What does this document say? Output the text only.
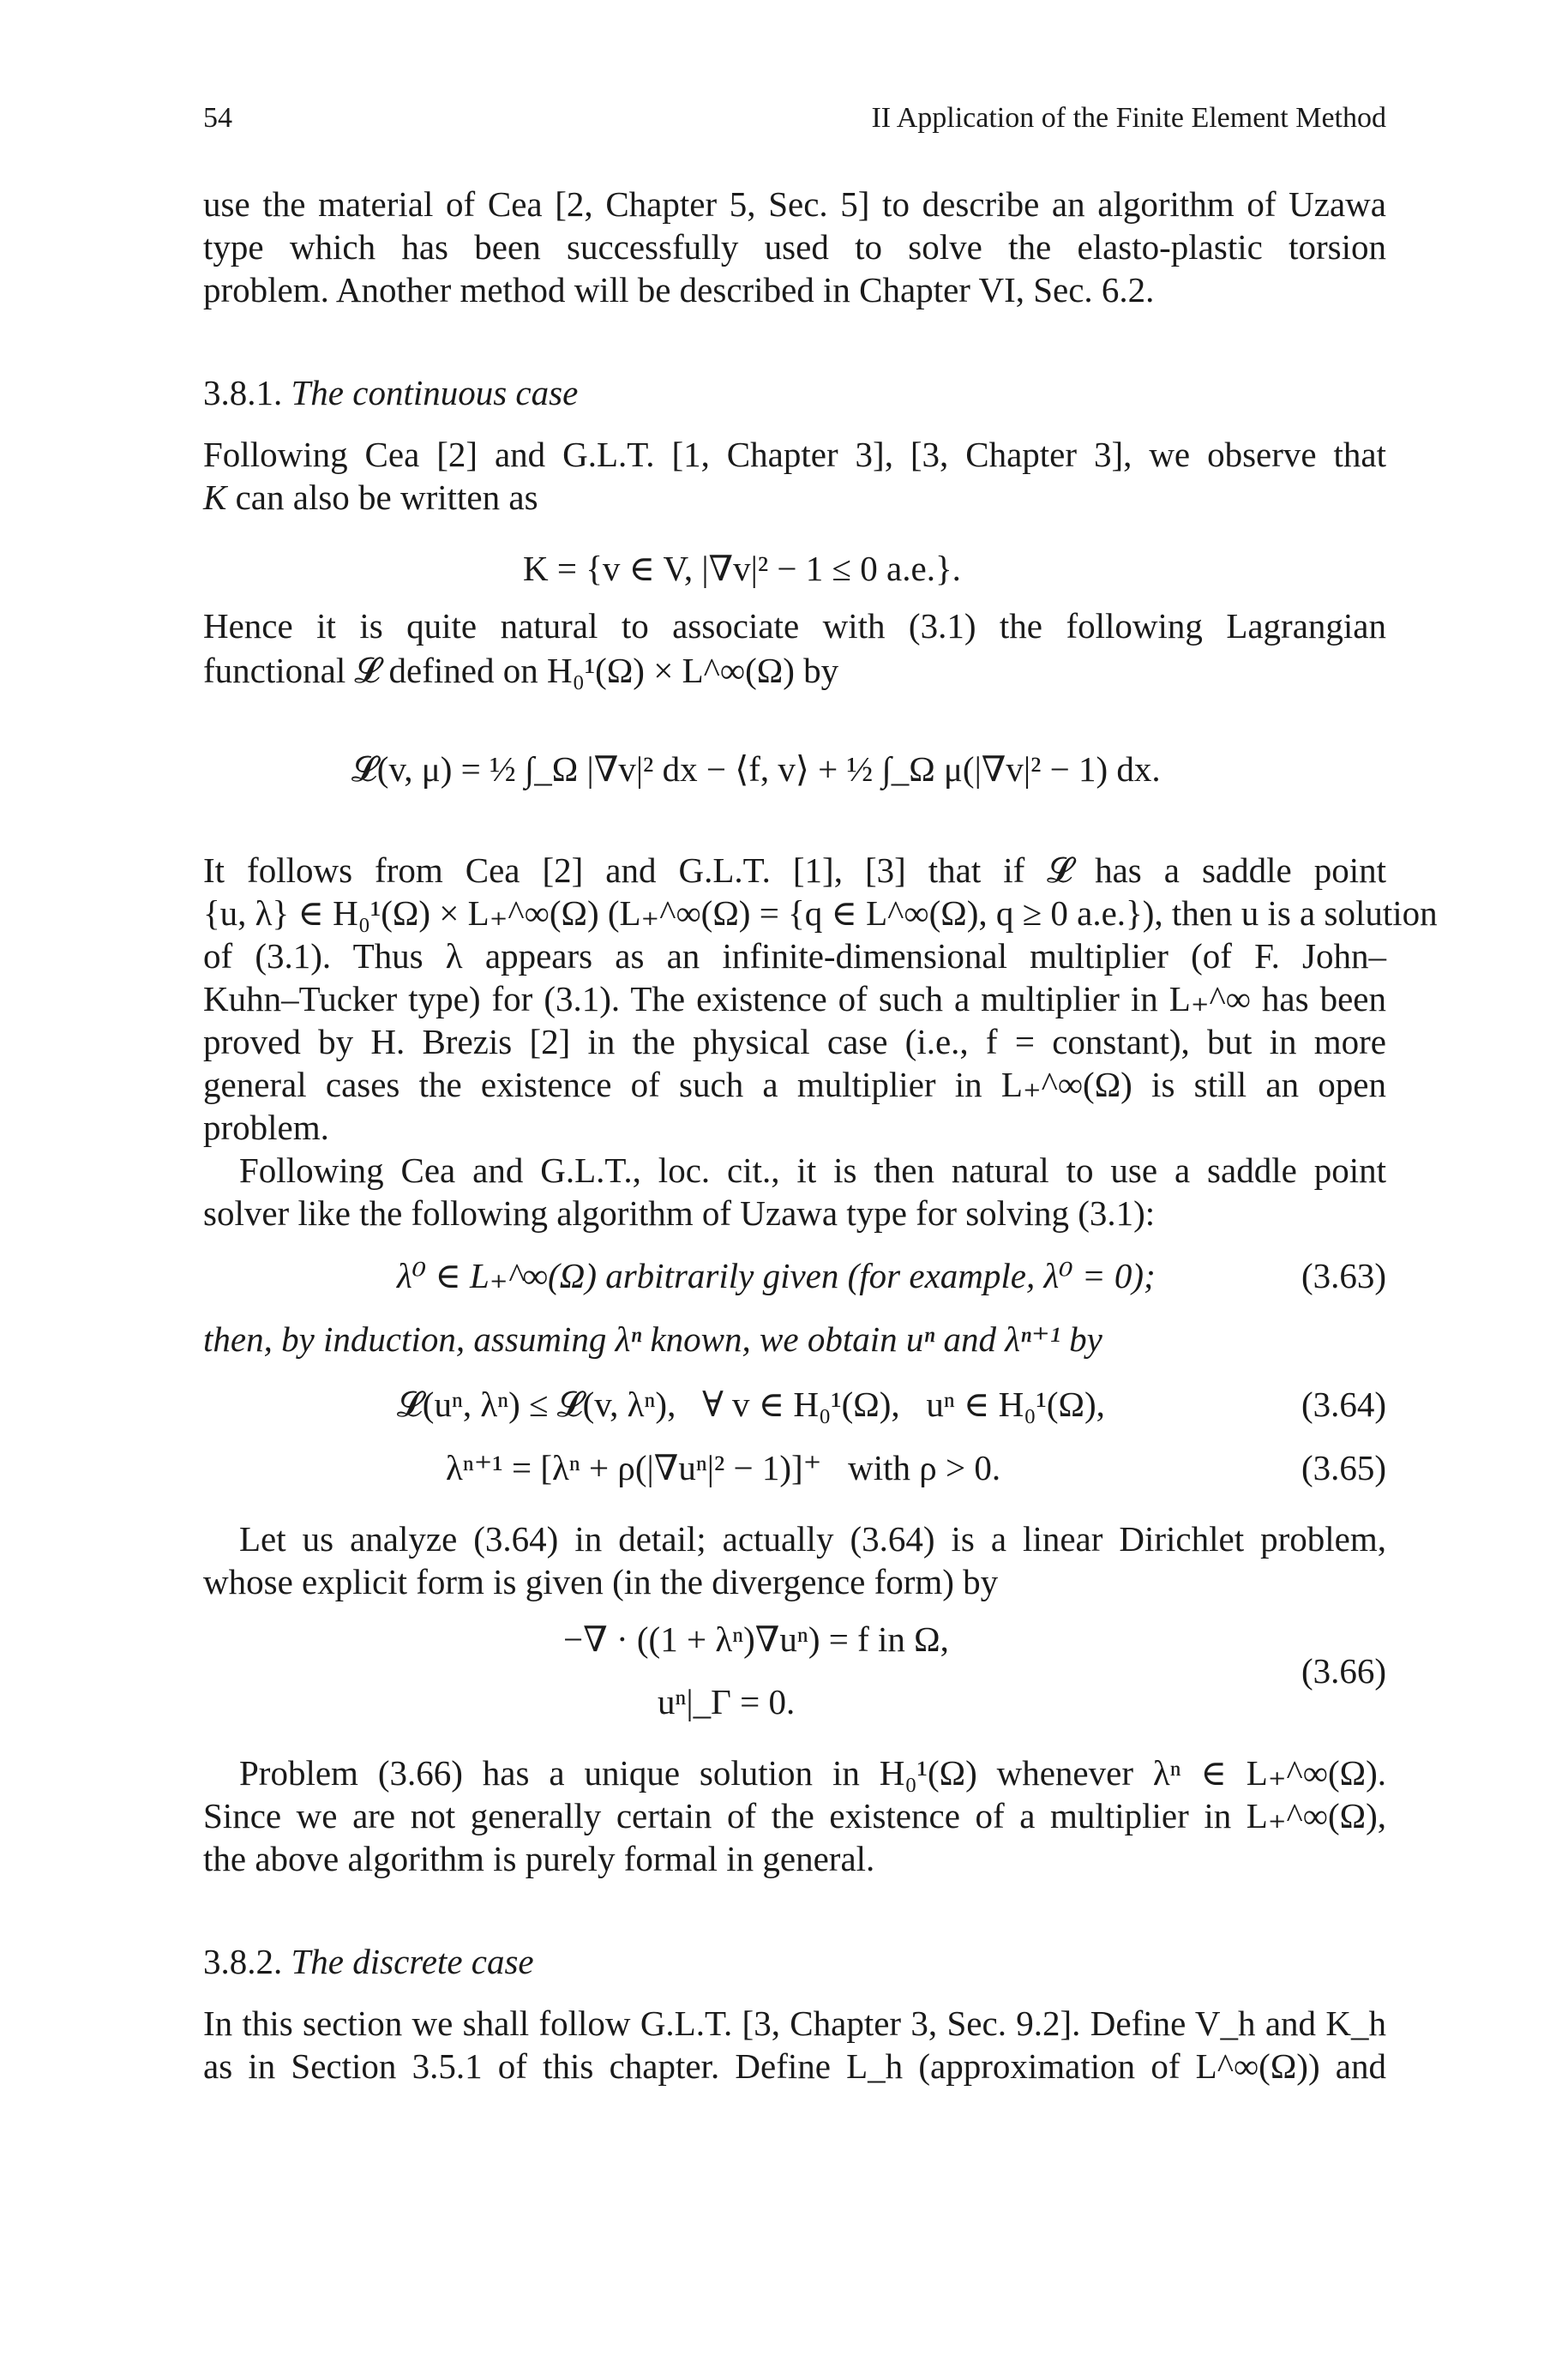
54	II Application of the Finite Element Method
use the material of Cea [2, Chapter 5, Sec. 5] to describe an algorithm of Uzawa
type which has been successfully used to solve the elasto-plastic torsion
problem. Another method will be described in Chapter VI, Sec. 6.2.
3.8.1. The continuous case
Following Cea [2] and G.L.T. [1, Chapter 3], [3, Chapter 3], we observe that
K can also be written as
K = {v ∈ V, |∇v|² − 1 ≤ 0 a.e.}.
Hence it is quite natural to associate with (3.1) the following Lagrangian
functional 𝓛 defined on H₀¹(Ω) × L^∞(Ω) by
𝓛(v, μ) = ½ ∫_Ω |∇v|² dx − ⟨f, v⟩ + ½ ∫_Ω μ(|∇v|² − 1) dx.
It follows from Cea [2] and G.L.T. [1], [3] that if 𝓛 has a saddle point
{u, λ} ∈ H₀¹(Ω) × L₊^∞(Ω) (L₊^∞(Ω) = {q ∈ L^∞(Ω), q ≥ 0 a.e.}), then u is a solution
of (3.1). Thus λ appears as an infinite-dimensional multiplier (of F. John–
Kuhn–Tucker type) for (3.1). The existence of such a multiplier in L₊^∞ has been
proved by H. Brezis [2] in the physical case (i.e., f = constant), but in more
general cases the existence of such a multiplier in L₊^∞(Ω) is still an open
problem.
Following Cea and G.L.T., loc. cit., it is then natural to use a saddle point
solver like the following algorithm of Uzawa type for solving (3.1):
λ⁰ ∈ L₊^∞(Ω) arbitrarily given (for example, λ⁰ = 0);	(3.63)
then, by induction, assuming λⁿ known, we obtain uⁿ and λⁿ⁺¹ by
𝓛(uⁿ, λⁿ) ≤ 𝓛(v, λⁿ),   ∀ v ∈ H₀¹(Ω),   uⁿ ∈ H₀¹(Ω),	(3.64)
λⁿ⁺¹ = [λⁿ + ρ(|∇uⁿ|² − 1)]⁺   with ρ > 0.	(3.65)
Let us analyze (3.64) in detail; actually (3.64) is a linear Dirichlet problem,
whose explicit form is given (in the divergence form) by
−∇ · ((1 + λⁿ)∇uⁿ) = f in Ω,
uⁿ|_Γ = 0.
(3.66)
Problem (3.66) has a unique solution in H₀¹(Ω) whenever λⁿ ∈ L₊^∞(Ω).
Since we are not generally certain of the existence of a multiplier in L₊^∞(Ω),
the above algorithm is purely formal in general.
3.8.2. The discrete case
In this section we shall follow G.L.T. [3, Chapter 3, Sec. 9.2]. Define V_h and K_h
as in Section 3.5.1 of this chapter. Define L_h (approximation of L^∞(Ω)) and
